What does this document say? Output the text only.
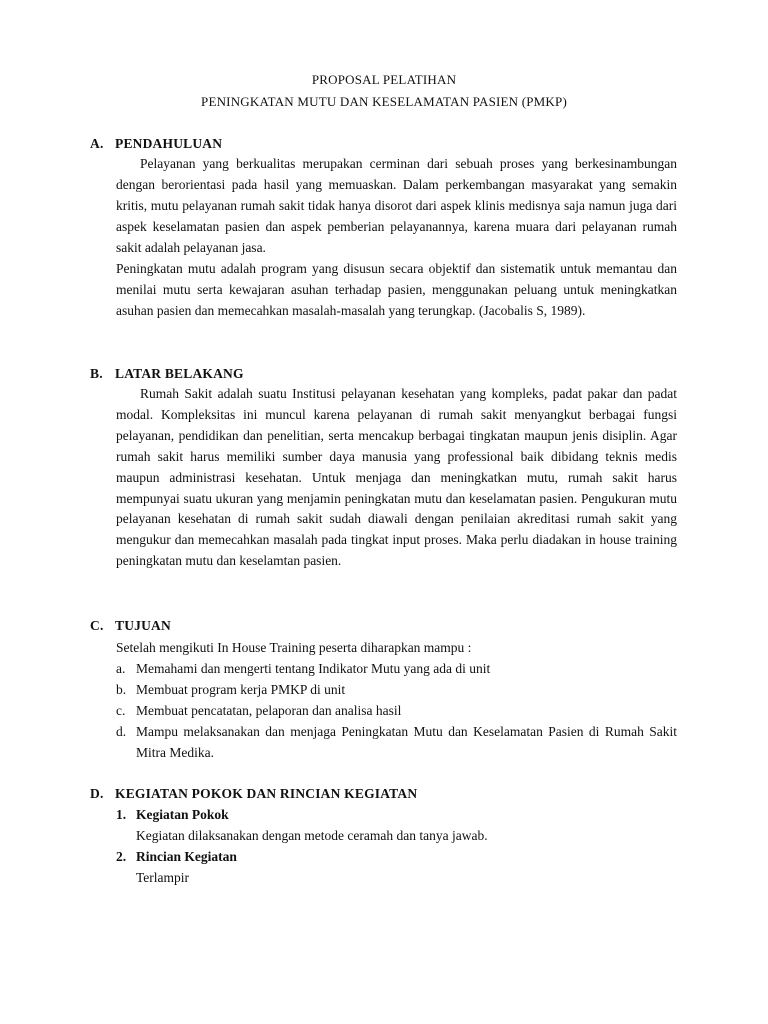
PROPOSAL PELATIHAN
PENINGKATAN MUTU DAN KESELAMATAN PASIEN (PMKP)
A. PENDAHULUAN

Pelayanan yang berkualitas merupakan cerminan dari sebuah proses yang berkesinambungan dengan berorientasi pada hasil yang memuaskan. Dalam perkembangan masyarakat yang semakin kritis, mutu pelayanan rumah sakit tidak hanya disorot dari aspek klinis medisnya saja namun juga dari aspek keselamatan pasien dan aspek pemberian pelayanannya, karena muara dari pelayanan rumah sakit adalah pelayanan jasa.

Peningkatan mutu adalah program yang disusun secara objektif dan sistematik untuk memantau dan menilai mutu serta kewajaran asuhan terhadap pasien, menggunakan peluang untuk meningkatkan asuhan pasien dan memecahkan masalah-masalah yang terungkap. (Jacobalis S, 1989).

B. LATAR BELAKANG

Rumah Sakit adalah suatu Institusi pelayanan kesehatan yang kompleks, padat pakar dan padat modal. Kompleksitas ini muncul karena pelayanan di rumah sakit menyangkut berbagai fungsi pelayanan, pendidikan dan penelitian, serta mencakup berbagai tingkatan maupun jenis disiplin. Agar rumah sakit harus memiliki sumber daya manusia yang professional baik dibidang teknis medis maupun administrasi kesehatan. Untuk menjaga dan meningkatkan mutu, rumah sakit harus mempunyai suatu ukuran yang menjamin peningkatan mutu dan keselamatan pasien. Pengukuran mutu pelayanan kesehatan di rumah sakit sudah diawali dengan penilaian akreditasi rumah sakit yang mengukur dan memecahkan masalah pada tingkat input proses. Maka perlu diadakan in house training peningkatan mutu dan keselamtan pasien.

C. TUJUAN

Setelah mengikuti In House Training peserta diharapkan mampu :

a. Memahami dan mengerti tentang Indikator Mutu yang ada di unit
b. Membuat program kerja PMKP di unit
c. Membuat pencatatan, pelaporan dan analisa hasil
d. Mampu melaksanakan dan menjaga Peningkatan Mutu dan Keselamatan Pasien di Rumah Sakit Mitra Medika.
D. KEGIATAN POKOK DAN RINCIAN KEGIATAN
1. Kegiatan Pokok
Kegiatan dilaksanakan dengan metode ceramah dan tanya jawab.
2. Rincian Kegiatan
Terlampir
